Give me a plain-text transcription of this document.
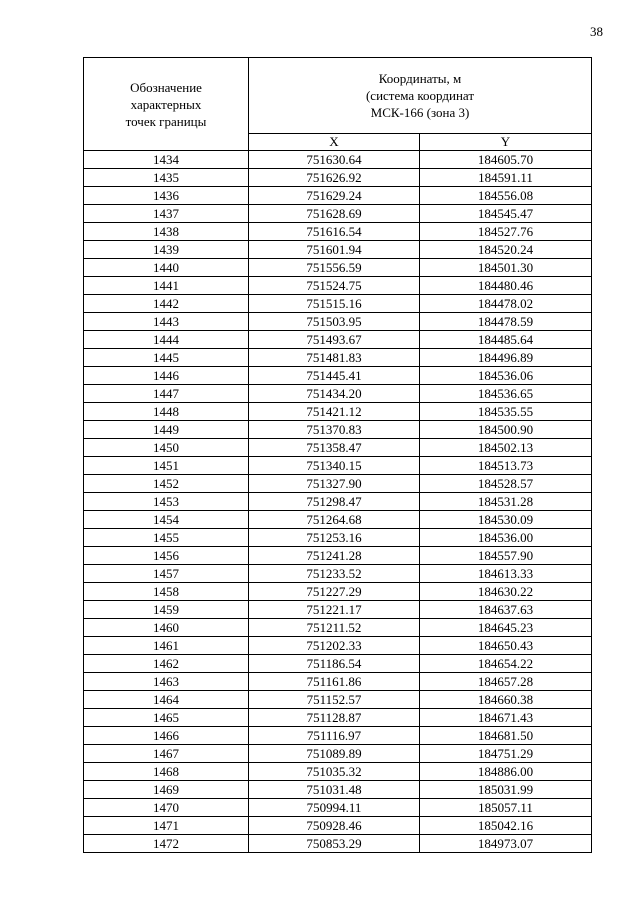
38
Обозначение
характерных
точек границы	Координаты, м
(система координат
МСК-166 (зона 3)	

	X	Y
1434	751630.64	184605.70
1435	751626.92	184591.11
1436	751629.24	184556.08
1437	751628.69	184545.47
1438	751616.54	184527.76
1439	751601.94	184520.24
1440	751556.59	184501.30
1441	751524.75	184480.46
1442	751515.16	184478.02
1443	751503.95	184478.59
1444	751493.67	184485.64
1445	751481.83	184496.89
1446	751445.41	184536.06
1447	751434.20	184536.65
1448	751421.12	184535.55
1449	751370.83	184500.90
1450	751358.47	184502.13
1451	751340.15	184513.73
1452	751327.90	184528.57
1453	751298.47	184531.28
1454	751264.68	184530.09
1455	751253.16	184536.00
1456	751241.28	184557.90
1457	751233.52	184613.33
1458	751227.29	184630.22
1459	751221.17	184637.63
1460	751211.52	184645.23
1461	751202.33	184650.43
1462	751186.54	184654.22
1463	751161.86	184657.28
1464	751152.57	184660.38
1465	751128.87	184671.43
1466	751116.97	184681.50
1467	751089.89	184751.29
1468	751035.32	184886.00
1469	751031.48	185031.99
1470	750994.11	185057.11
1471	750928.46	185042.16
1472	750853.29	184973.07
